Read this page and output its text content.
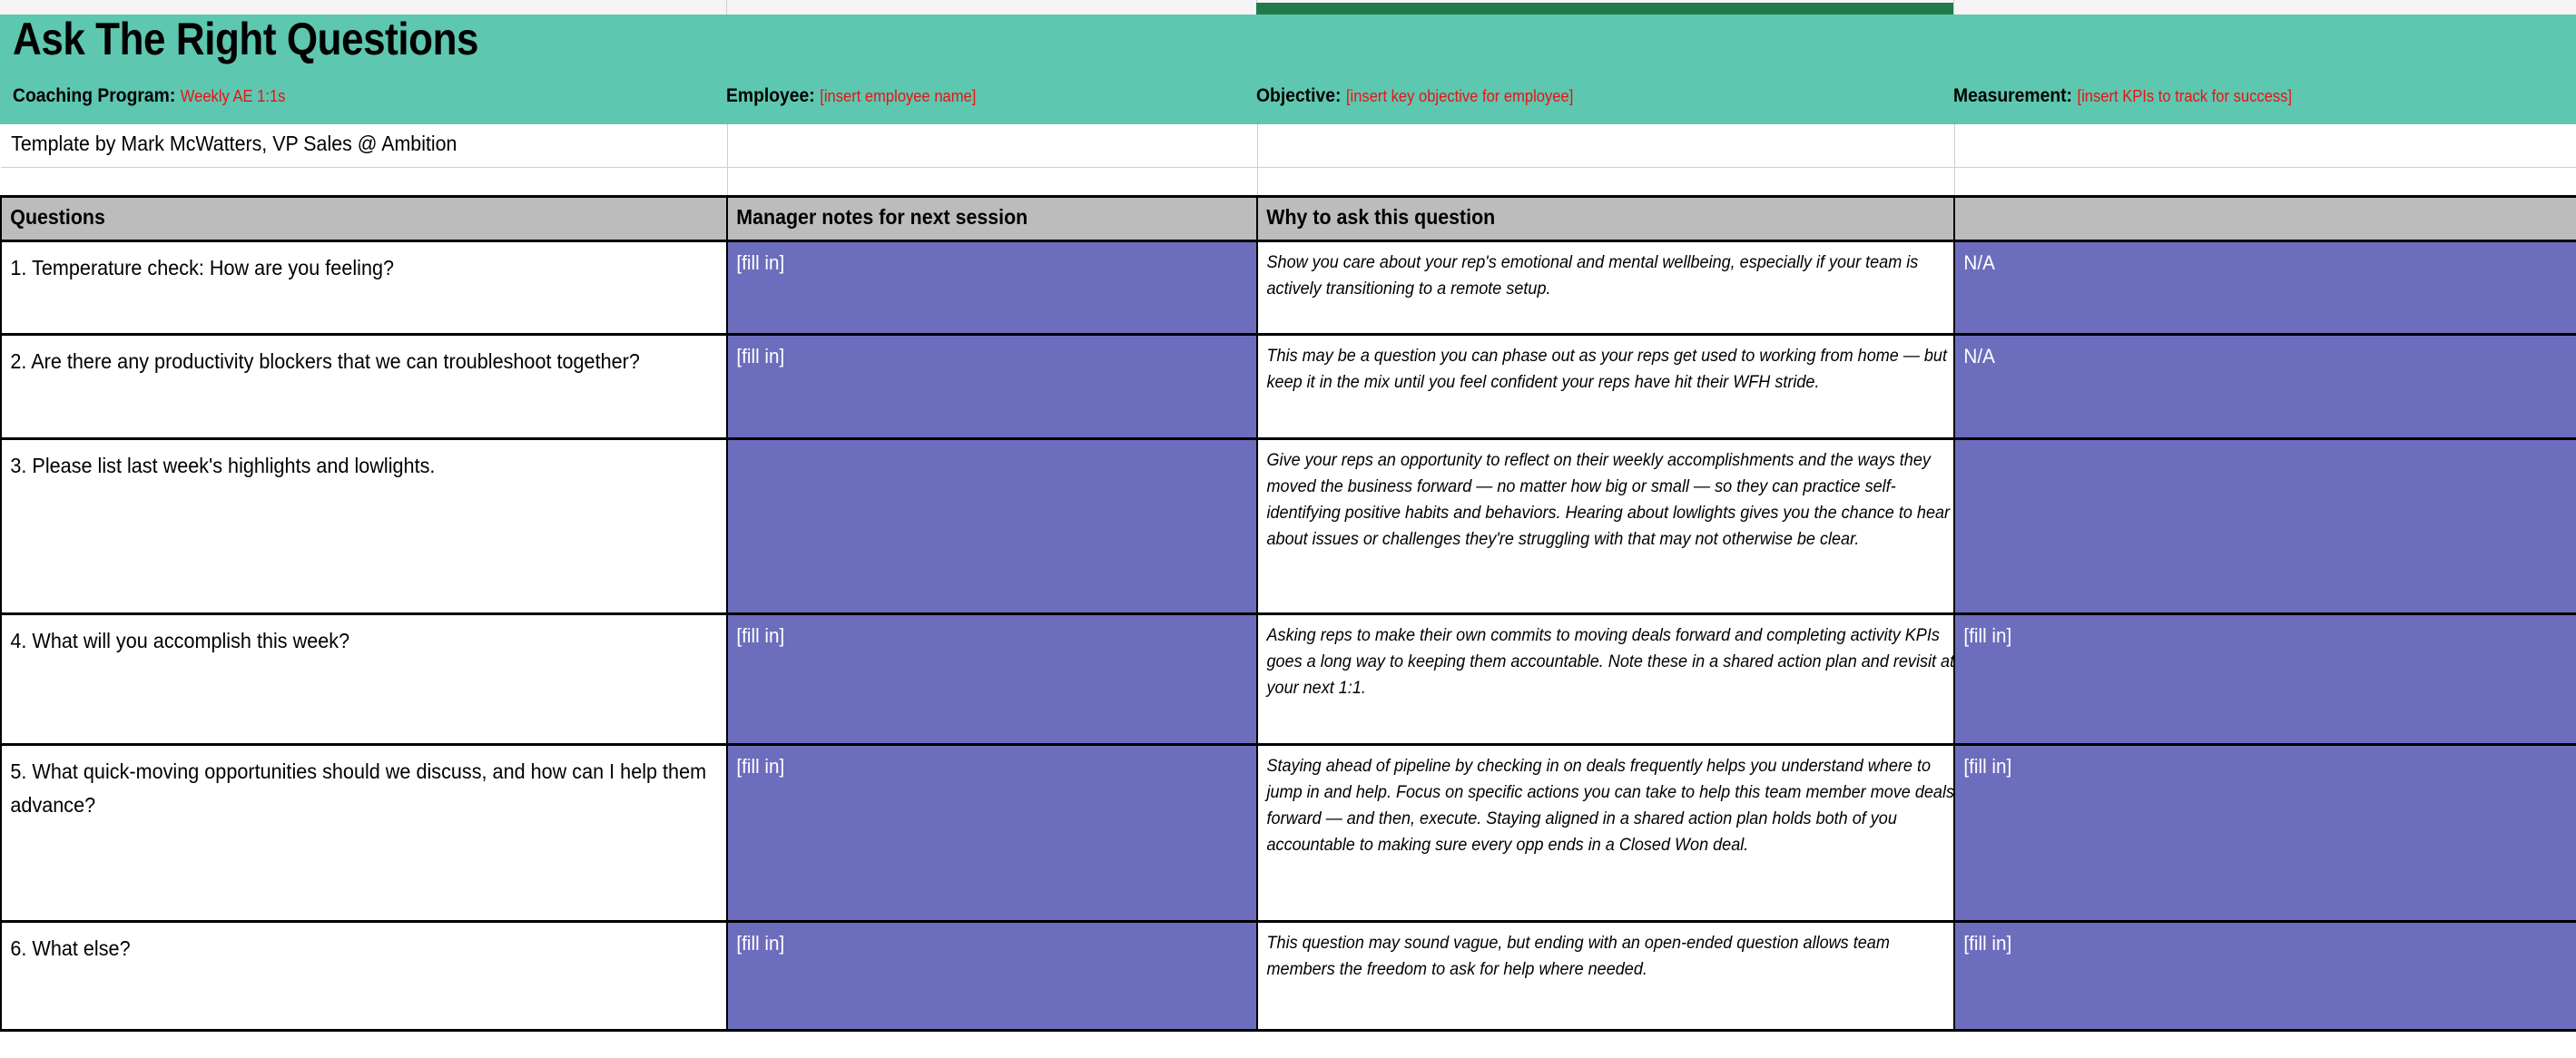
Ask The Right Questions
Coaching Program: Weekly AE 1:1s	Employee: [insert employee name]	Objective: [insert key objective for employee]	Measurement: [insert KPIs to track for success]
Template by Mark McWatters, VP Sales @ Ambition			

Questions	Manager notes for next session	Why to ask this question	

1. Temperature check: How are you feeling?	[fill in]	Show you care about your rep's emotional and mental wellbeing, especially if your team is actively transitioning to a remote setup.	N/A

2. Are there any productivity blockers that we can troubleshoot together?	[fill in]	This may be a question you can phase out as your reps get used to working from home — but keep it in the mix until you feel confident your reps have hit their WFH stride.	N/A

3. Please list last week's highlights and lowlights.		Give your reps an opportunity to reflect on their weekly accomplishments and the ways they moved the business forward — no matter how big or small — so they can practice self-identifying positive habits and behaviors. Hearing about lowlights gives you the chance to hear about issues or challenges they're struggling with that may not otherwise be clear.	

4. What will you accomplish this week?	[fill in]	Asking reps to make their own commits to moving deals forward and completing activity KPIs goes a long way to keeping them accountable. Note these in a shared action plan and revisit at your next 1:1.	[fill in]

5. What quick-moving opportunities should we discuss, and how can I help them advance?	[fill in]	Staying ahead of pipeline by checking in on deals frequently helps you understand where to jump in and help. Focus on specific actions you can take to help this team member move deals forward — and then, execute. Staying aligned in a shared action plan holds both of you accountable to making sure every opp ends in a Closed Won deal.	[fill in]

6. What else?	[fill in]	This question may sound vague, but ending with an open-ended question allows team members the freedom to ask for help where needed.	[fill in]
